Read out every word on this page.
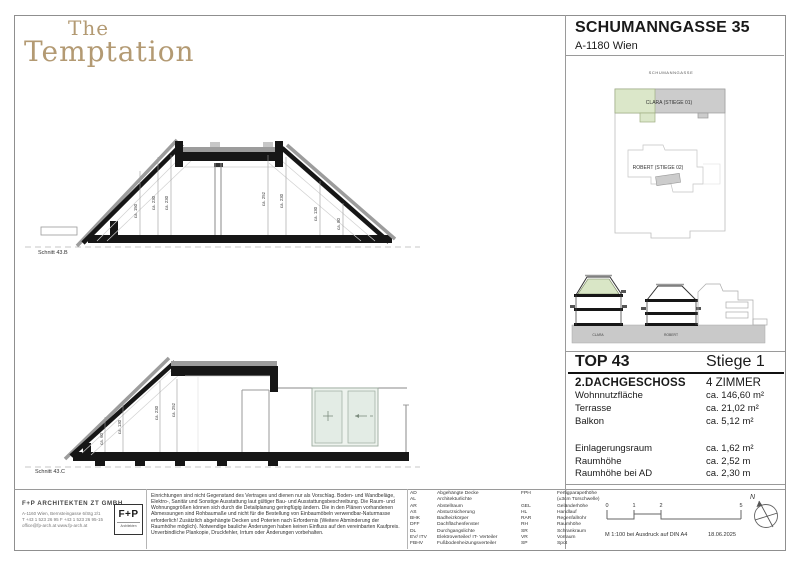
The
Temptation
SCHUMANNGASSE 35
A-1180 Wien
ca. 150
ca. 230 ca. 230	ca. 252	ca. 230
ca. 130
ca. 80
Schnitt 43.B
ca. 60
ca. 130
ca. 230	ca. 252
Schnitt 43.C
SCHUMANNGASSE
CLARA (STIEGE 01)
ROBERT (STIEGE 02)
CLARA	ROBERT
TOP 43	Stiege 1
2.DACHGESCHOSS 4 ZIMMER
Wohnnutzfläche	ca. 146,60 m²
Terrasse	ca. 21,02 m²
Balkon	ca. 5,12 m²
Einlagerungsraum	ca. 1,62 m²
Raumhöhe	ca. 2,52 m
Raumhöhe bei AD	ca. 2,30 m
F+P ARCHITEKTEN ZT GMBH
A-1160 Wien, Bernsteingasse 6/Stg 2/1
T +43 1 523 26 95 F +43 1 523 26 95-15
office@fp-arch.at www.fp-arch.at
F+P
Architekten
Einrichtungen sind nicht Gegenstand des Vertrages und dienen nur als Vorschlag. Boden- und Wandbeläge, Elektro-, Sanitär und Sonstige Ausstattung laut gültiger Bau- und Ausstattungsbeschreibung. Die Raum- und Wohnungsgrößen können sich durch die Detailplanung geringfügig ändern. Die in den Plänen vorhandenen Abmessungen sind Rohbaumaße und nicht für die Bestellung von Einbaumöbeln verwendbar-Naturmasse erforderlich! Zusätzlich abgehängte Decken und Poterien nach Erfordernis (Weitere Abminderung der Raumhöhe möglich). Notwendige bauliche Änderungen haben keinen Einfluss auf den vereinbarten Kaufpreis. Unverbindliche Plankopie, Druckfehler, Irrtum oder Änderungen vorbehalten.
AD	Abgehängte Decke
AL	Architekturlichte
AR	Abstellraum
AS	Absturzsicherung
BHK	Badheizkörper
DFF	Dachflächenfenster
DL	Durchgangslichte
EV/ ITV	Elektroverteiler/ IT- Verteiler
FBHV	Fußbodenheizungsverteiler
FPH	Fertigparapethöhe
(±3cm Türschwelle)
GEL	Geländerhöhe
HL	Handlauf
RAR	Regenfallrohr
RH	Raumhöhe
SR	Schrankraum
VR	Vorraum
SP	Spot
0	1	2	5
M 1:100 bei Ausdruck auf DIN A4	18.06.2025
N
